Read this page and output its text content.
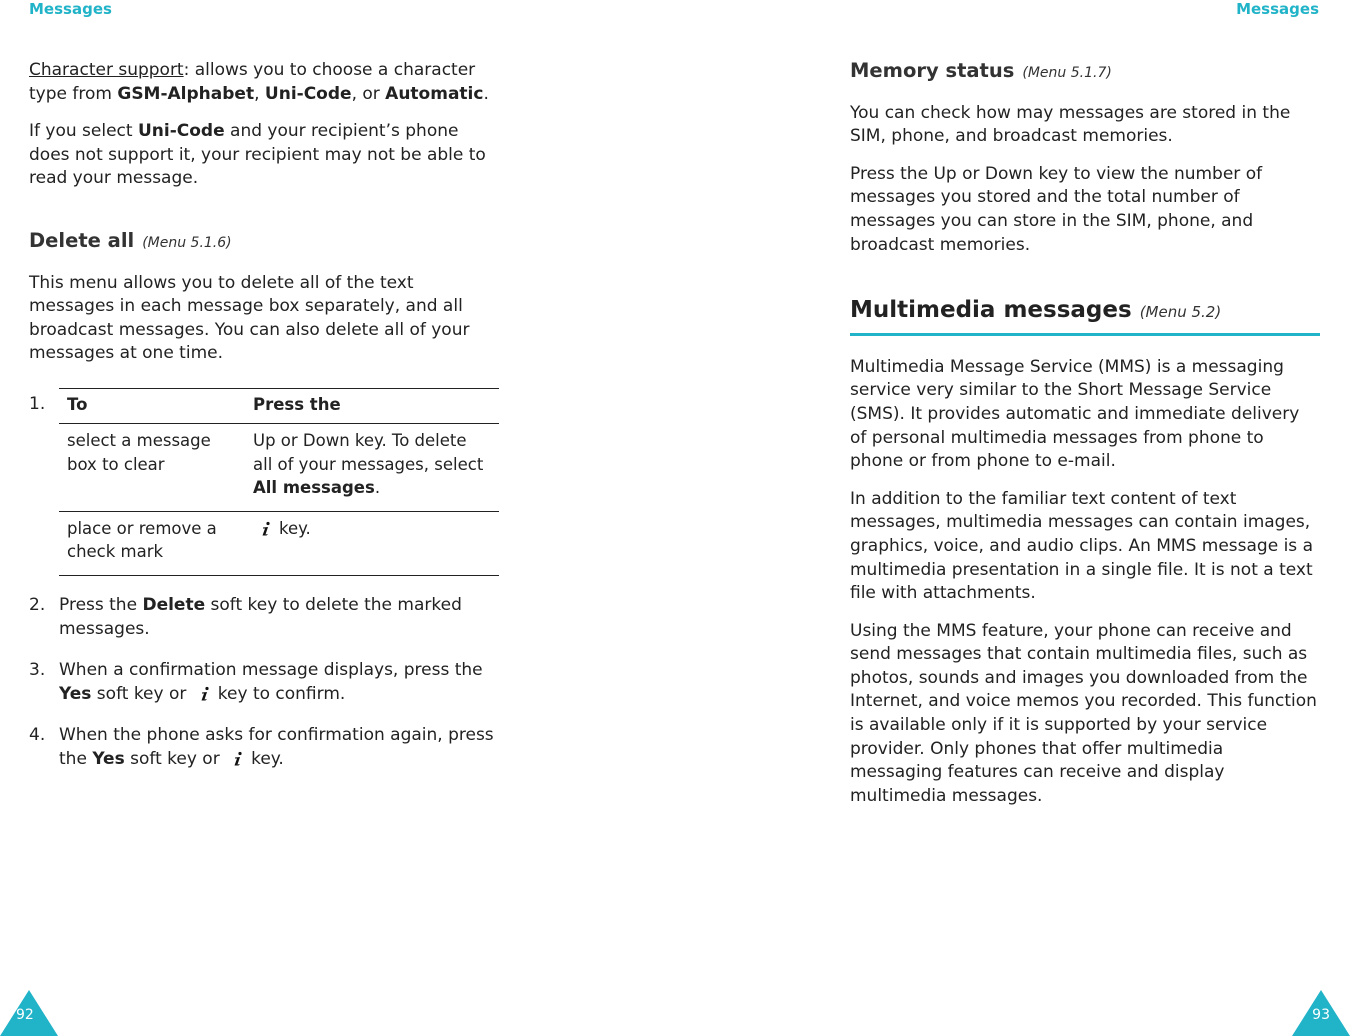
Messages	Messages

Character support: allows you to choose a character type from GSM-Alphabet, Uni-Code, or Automatic.

If you select Uni-Code and your recipient’s phone does not support it, your recipient may not be able to read your message.

Delete all (Menu 5.1.6)

This menu allows you to delete all of the text messages in each message box separately, and all broadcast messages. You can also delete all of your messages at one time.

1. To	Press the
select a message box to clear	Up or Down key. To delete all of your messages, select All messages.
place or remove a check mark	key.
2. Press the Delete soft key to delete the marked messages.
3. When a confirmation message displays, press the Yes soft key or key to confirm.
4. When the phone asks for confirmation again, press the Yes soft key or key.
Memory status (Menu 5.1.7)

You can check how may messages are stored in the SIM, phone, and broadcast memories.

Press the Up or Down key to view the number of messages you stored and the total number of messages you can store in the SIM, phone, and broadcast memories.

Multimedia messages (Menu 5.2)

Multimedia Message Service (MMS) is a messaging service very similar to the Short Message Service (SMS). It provides automatic and immediate delivery of personal multimedia messages from phone to phone or from phone to e-mail.

In addition to the familiar text content of text messages, multimedia messages can contain images, graphics, voice, and audio clips. An MMS message is a multimedia presentation in a single file. It is not a text file with attachments.

Using the MMS feature, your phone can receive and send messages that contain multimedia files, such as photos, sounds and images you downloaded from the Internet, and voice memos you recorded. This function is available only if it is supported by your service provider. Only phones that offer multimedia messaging features can receive and display multimedia messages.

92	93
